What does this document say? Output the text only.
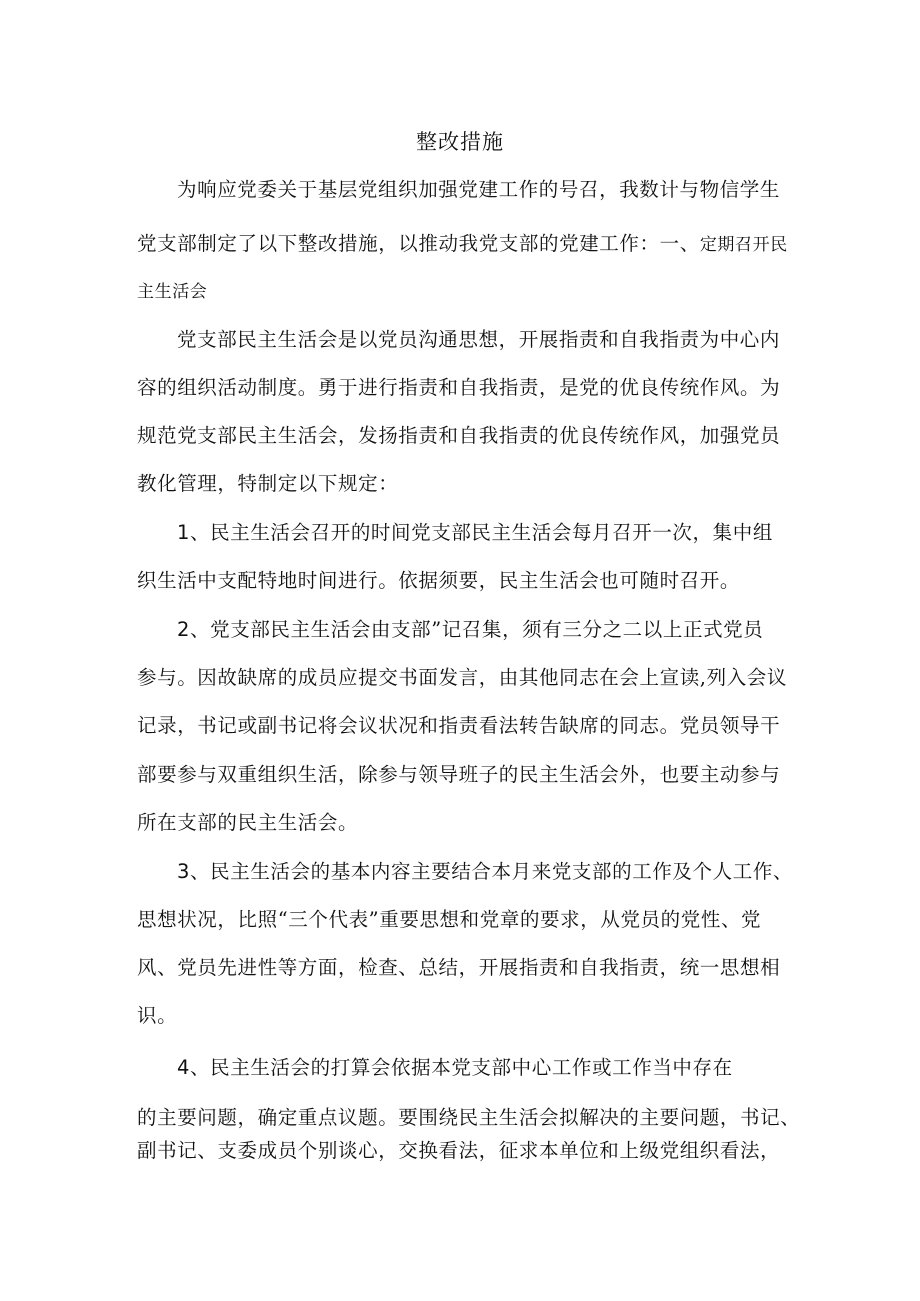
整改措施
为响应党委关于基层党组织加强党建工作的号召，我数计与物信学生
党支部制定了以下整改措施，以推动我党支部的党建工作：一、定期召开民
主生活会
党支部民主生活会是以党员沟通思想，开展指责和自我指责为中心内
容的组织活动制度。勇于进行指责和自我指责，是党的优良传统作风。为
规范党支部民主生活会，发扬指责和自我指责的优良传统作风，加强党员
教化管理，特制定以下规定：
1、民主生活会召开的时间党支部民主生活会每月召开一次，集中组
织生活中支配特地时间进行。依据须要，民主生活会也可随时召开。
2、党支部民主生活会由支部”记召集，须有三分之二以上正式党员
参与。因故缺席的成员应提交书面发言，由其他同志在会上宣读,列入会议
记录，书记或副书记将会议状况和指责看法转告缺席的同志。党员领导干
部要参与双重组织生活，除参与领导班子的民主生活会外，也要主动参与
所在支部的民主生活会。
3、民主生活会的基本内容主要结合本月来党支部的工作及个人工作、
思想状况，比照“三个代表”重要思想和党章的要求，从党员的党性、党
风、党员先进性等方面，检查、总结，开展指责和自我指责，统一思想相
识。
4、民主生活会的打算会依据本党支部中心工作或工作当中存在
的主要问题，确定重点议题。要围绕民主生活会拟解决的主要问题，书记、
副书记、支委成员个别谈心，交换看法，征求本单位和上级党组织看法，
